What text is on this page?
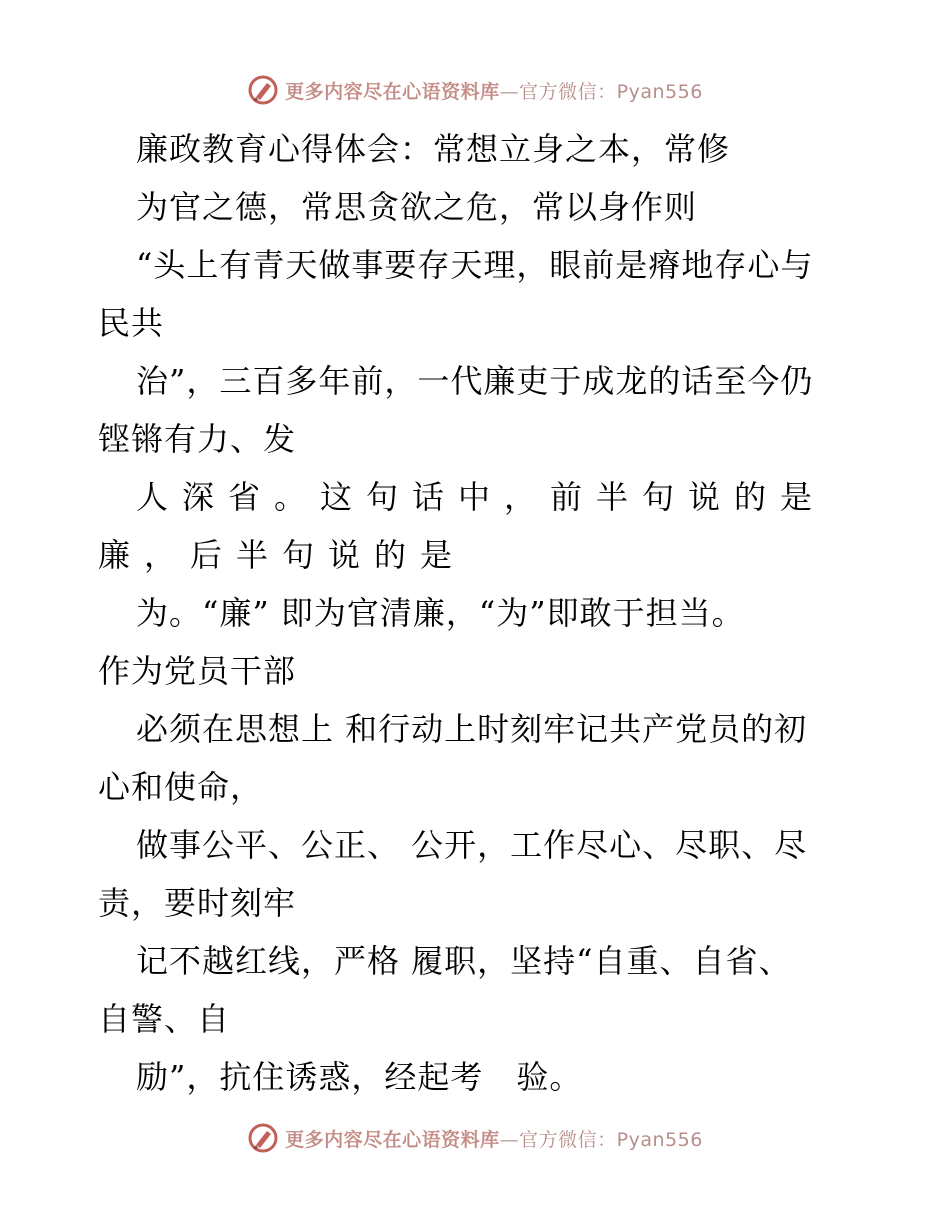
更多内容尽在心语资料库—官方微信：Pyan556
廉政教育心得体会：常想立身之本，常修
为官之德，常思贪欲之危，常以身作则
“头上有青天做事要存天理，眼前是瘠地存心与
民共
治”，三百多年前，一代廉吏于成龙的话至今仍
铿锵有力、发
人深省。这句话中，前半句说的是
廉，后半句说的是
为。“廉” 即为官清廉，“为”即敢于担当。
作为党员干部
必须在思想上 和行动上时刻牢记共产党员的初
心和使命，
做事公平、公正、 公开，工作尽心、尽职、尽
责，要时刻牢
记不越红线，严格 履职，坚持“自重、自省、
自警、自
励”，抗住诱惑，经起考　验。
更多内容尽在心语资料库—官方微信：Pyan556
